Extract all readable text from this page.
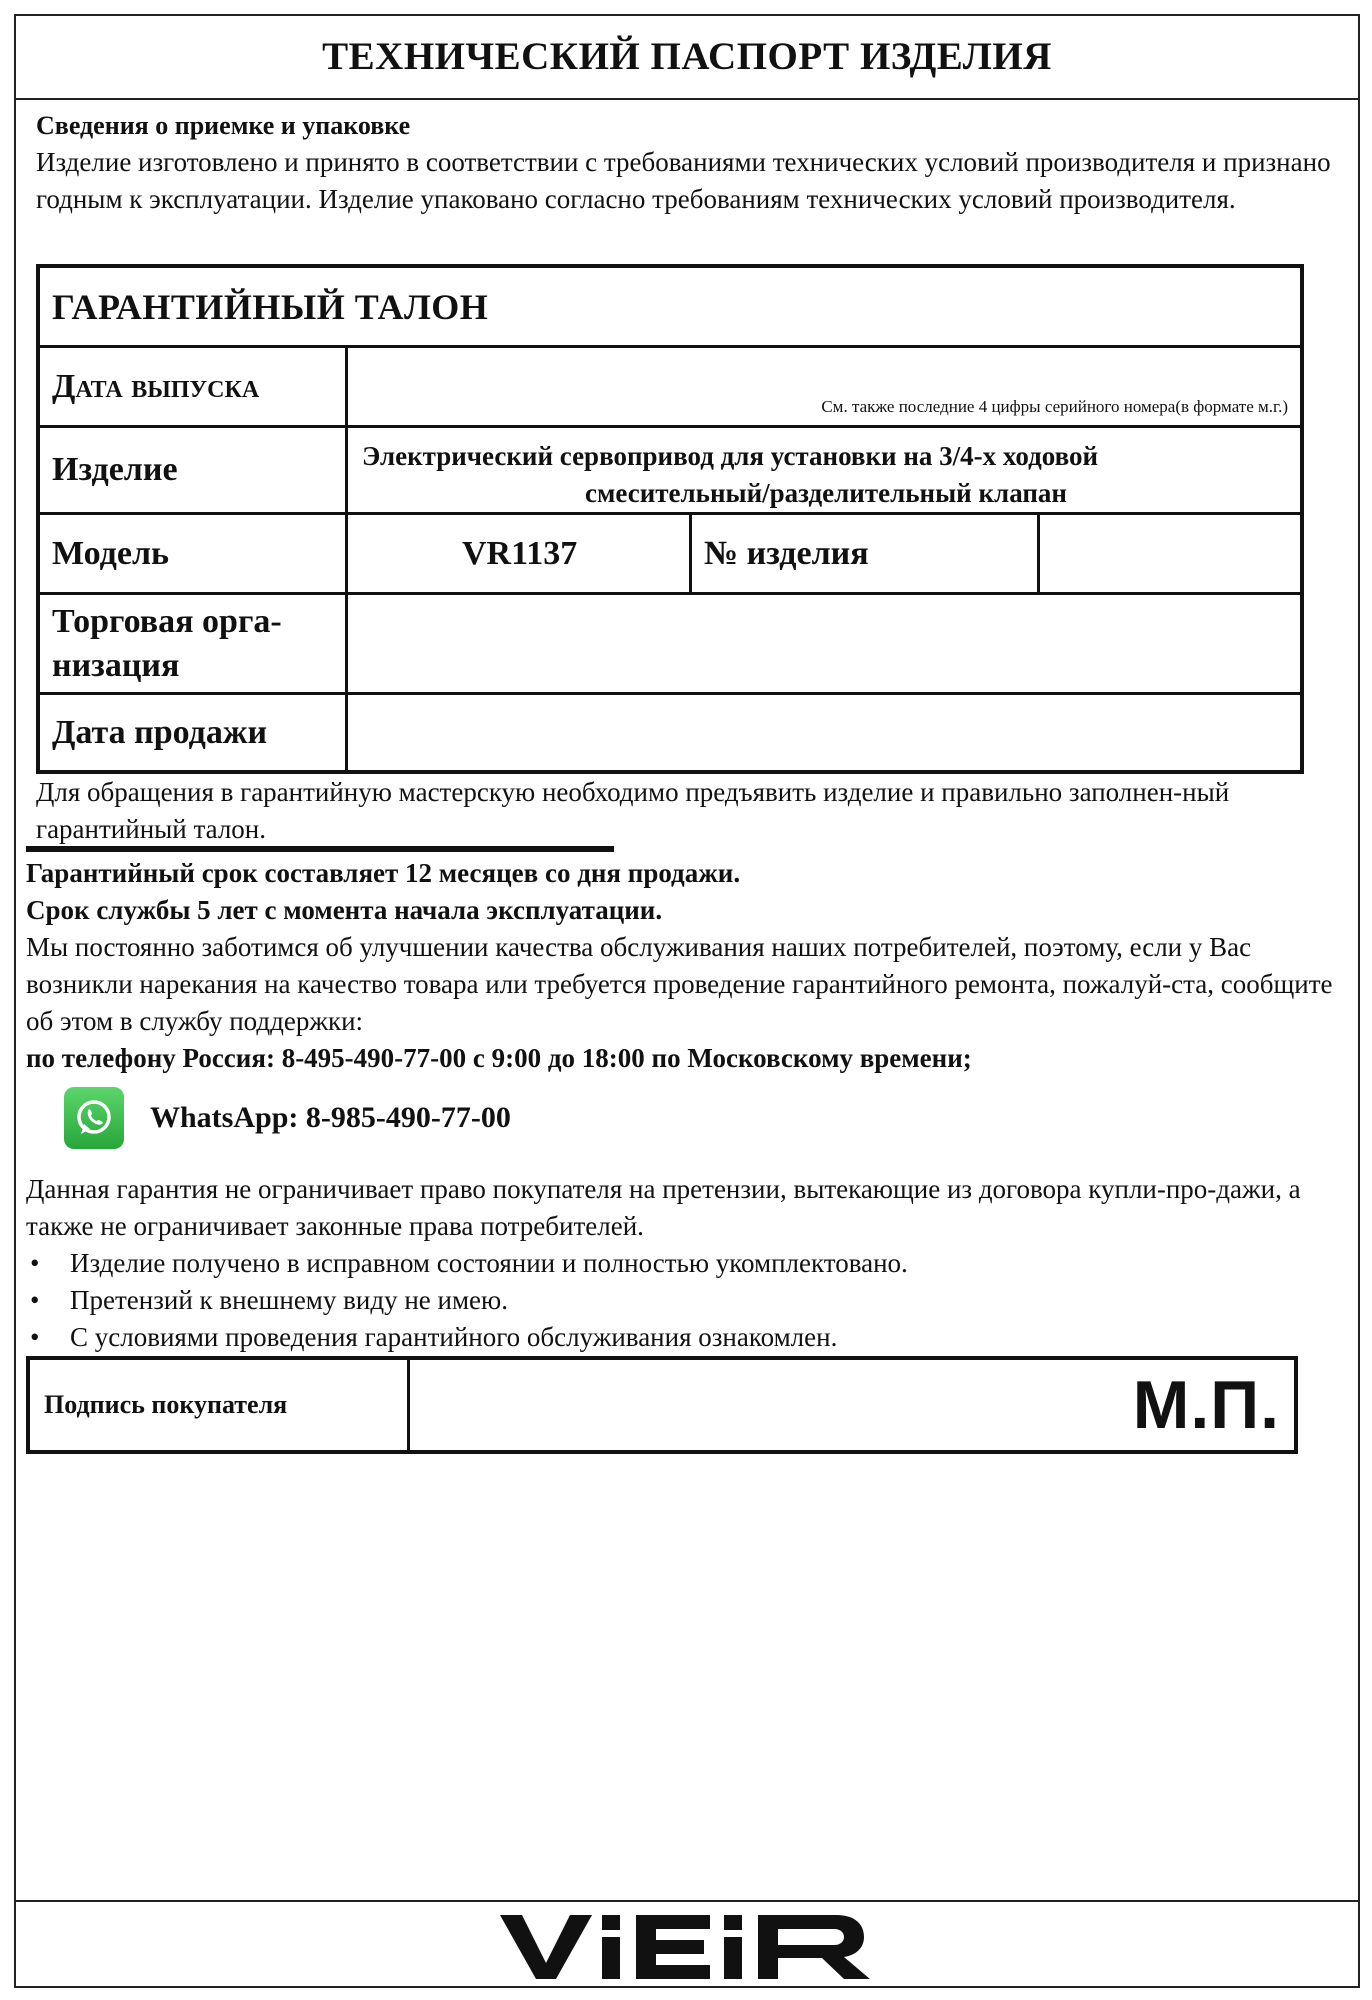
ТЕХНИЧЕСКИЙ ПАСПОРТ ИЗДЕЛИЯ
Сведения о приемке и упаковке
Изделие изготовлено и принято в соответствии с требованиями технических условий производителя и признано годным к эксплуатации. Изделие упаковано согласно требованиям технических условий производителя.
ГАРАНТИЙНЫЙ ТАЛОН
Дата выпуска
См. также последние 4 цифры серийного номера(в формате м.г.)
Изделие	Электрический сервопривод для установки на 3/4-х ходовой
смесительный/разделительный клапан
Модель	VR1137	№ изделия
Торговая орга-низация
Дата продажи
Для обращения в гарантийную мастерскую необходимо предъявить изделие и правильно заполнен-ный гарантийный талон.
Гарантийный срок составляет 12 месяцев со дня продажи.
Срок службы 5 лет с момента начала эксплуатации.
Мы постоянно заботимся об улучшении качества обслуживания наших потребителей, поэтому, если у Вас возникли нарекания на качество товара или требуется проведение гарантийного ремонта, пожалуй-ста, сообщите об этом в службу поддержки:
по телефону Россия: 8-495-490-77-00 с 9:00 до 18:00 по Московскому времени;
WhatsApp: 8-985-490-77-00
Данная гарантия не ограничивает право покупателя на претензии, вытекающие из договора купли-про-дажи, а также не ограничивает законные права потребителей.
• Изделие получено в исправном состоянии и полностью укомплектовано.
• Претензий к внешнему виду не имею.
• С условиями проведения гарантийного обслуживания ознакомлен.
Подпись покупателя	М.П.
